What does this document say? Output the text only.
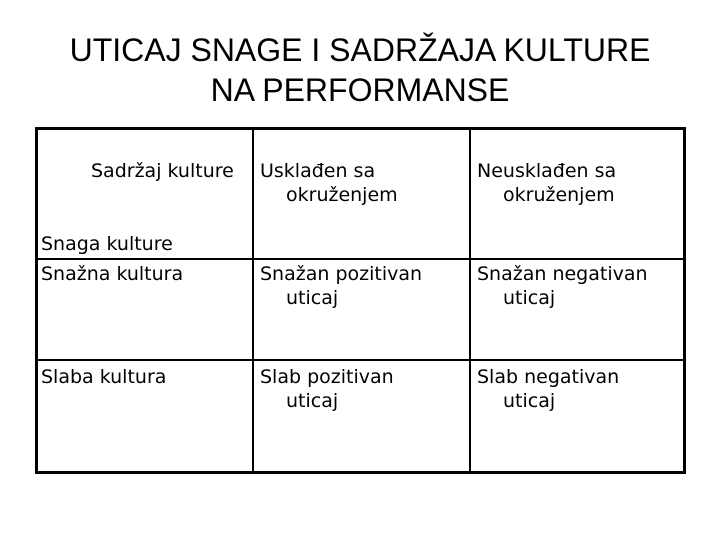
UTICAJ SNAGE I SADRŽAJA KULTURE
NA PERFORMANSE
Sadržaj kulture
Snaga kulture
Usklađen sa
okruženjem
Neusklađen sa
okruženjem
Snažna kultura	Snažan pozitivan
uticaj
Snažan negativan
uticaj
Slaba kultura	Slab pozitivan
uticaj
Slab negativan
uticaj
